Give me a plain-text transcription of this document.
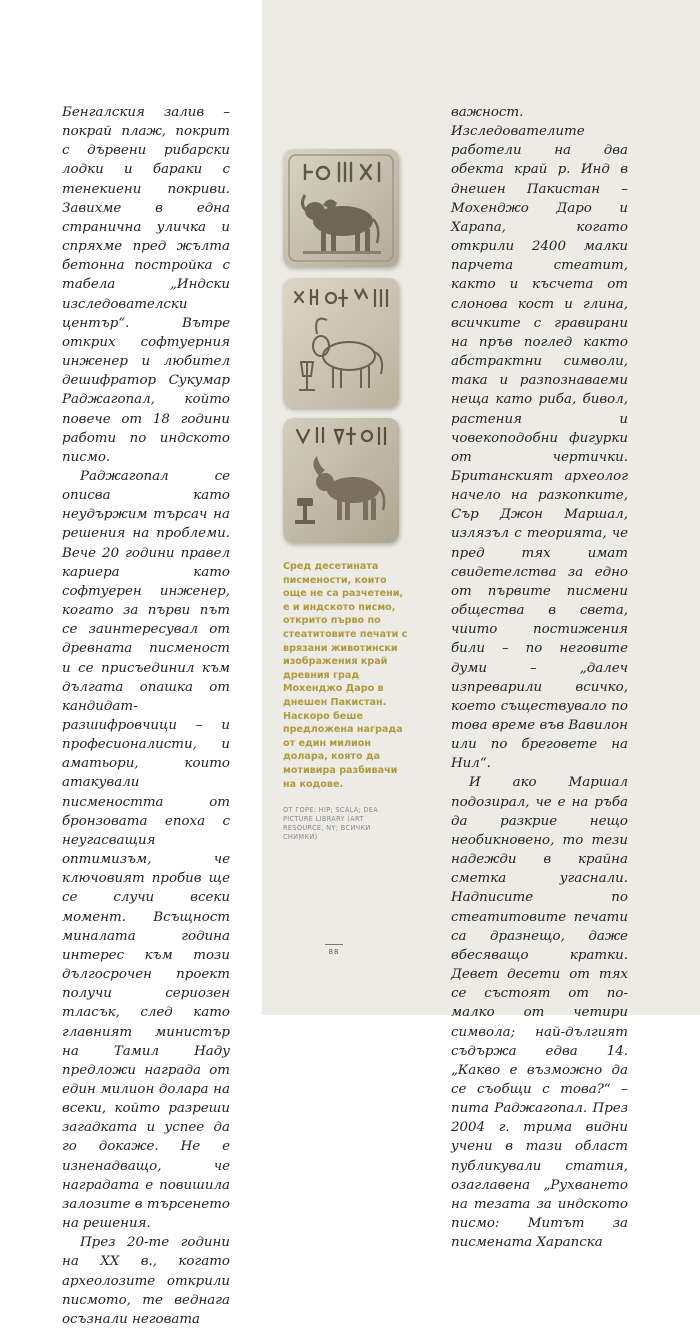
Бенгалския залив – покрай плаж, покрит с дървени рибарски лодки и бараки с тенекиени покриви. Завихме в една странична уличка и спряхме пред жълта бетонна постройка с табела „Индски изследователски център“. Вътре открих софтуерния инженер и любител дешифратор Сукумар Раджагопал, който повече от 18 години работи по индското писмо.

Раджагопал се описва като неудържим търсач на решения на проблеми. Вече 20 години правел кариера като софтуерен инженер, когато за първи път се заинтересувал от древната писменост и се присъединил към дългата опашка от кандидат-разшифровчици – и професионалисти, и аматьори, които атакували писмеността от бронзовата епоха с неугасващия оптимизъм, че ключовият пробив ще се случи всеки момент. Всъщност миналата година интерес към този дългосрочен проект получи сериозен тласък, след като главният министър на Тамил Наду предложи награда от един милион долара на всеки, който разреши загадката и успее да го докаже. Не е изненадващо, че наградата е повишила залозите в търсенето на решения.

През 20-те години на XX в., когато археолозите открили писмото, те веднага осъзнали неговата

Сред десетината писмености, които още не са разчетени, е и индското писмо, открито първо по стеатитовите печати с врязани животински изображения край древния град Мохенджо Даро в днешен Пакистан. Наскоро беше предложена награда от един милион долара, която да мотивира разбивачи на кодове.
ОТ ГОРЕ: HIP; SCALA; DEA PICTURE LIBRARY (ART RESOURCE, NY; ВСИЧКИ СНИМКИ)

важност. Изследователите работели на два обекта край р. Инд в днешен Пакистан – Мохенджо Даро и Харапа, когато открили 2400 малки парчета стеатит, както и късчета от слонова кост и глина, всичките с гравирани на пръв поглед както абстрактни символи, така и разпознаваеми неща като риба, бивол, растения и човекоподобни фигурки от чертички. Британският археолог начело на разкопките, Сър Джон Маршал, излязъл с теорията, че пред тях имат свидетелства за едно от първите писмени общества в света, чиито постижения били – по неговите думи – „далеч изпреварили всичко, което съществувало по това време във Вавилон или по бреговете на Нил“.

И ако Маршал подозирал, че е на ръба да разкрие нещо необикновено, то тези надежди в крайна сметка угаснали. Надписите по стеатитовите печати са дразнещо, даже вбесяващо кратки. Девет десети от тях се състоят от по-малко от четири символа; най-дългият съдържа едва 14. „Какво е възможно да се съобщи с това?“ – пита Раджагопал. През 2004 г. трима видни учени в тази област публикували статия, озаглавена „Рухването на тезата за индското писмо: Митът за писмената Харапска

88
